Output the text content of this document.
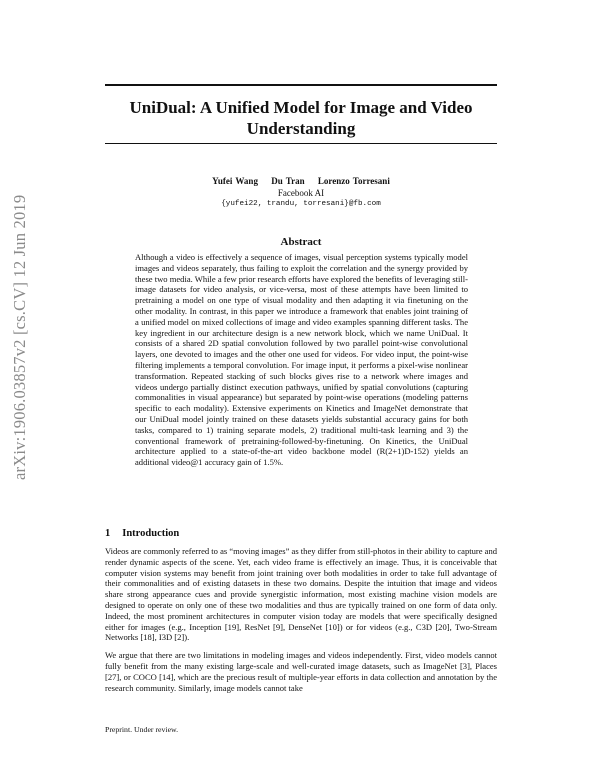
arXiv:1906.03857v2 [cs.CV] 12 Jun 2019
UniDual: A Unified Model for Image and Video
Understanding
Yufei Wang Du Tran Lorenzo Torresani
Facebook AI
{yufei22, trandu, torresani}@fb.com
Abstract
Although a video is effectively a sequence of images, visual perception systems typically model images and videos separately, thus failing to exploit the correlation and the synergy provided by these two media. While a few prior research efforts have explored the benefits of leveraging still-image datasets for video analysis, or vice-versa, most of these attempts have been limited to pretraining a model on one type of visual modality and then adapting it via finetuning on the other modality. In contrast, in this paper we introduce a framework that enables joint training of a unified model on mixed collections of image and video examples spanning different tasks. The key ingredient in our architecture design is a new network block, which we name UniDual. It consists of a shared 2D spatial convolution followed by two parallel point-wise convolutional layers, one devoted to images and the other one used for videos. For video input, the point-wise filtering implements a temporal convolution. For image input, it performs a pixel-wise nonlinear transformation. Repeated stacking of such blocks gives rise to a network where images and videos undergo partially distinct execution pathways, unified by spatial convolutions (capturing commonalities in visual appearance) but separated by point-wise operations (modeling patterns specific to each modality). Extensive experiments on Kinetics and ImageNet demonstrate that our UniDual model jointly trained on these datasets yields substantial accuracy gains for both tasks, compared to 1) training separate models, 2) traditional multi-task learning and 3) the conventional framework of pretraining-followed-by-finetuning. On Kinetics, the UniDual architecture applied to a state-of-the-art video backbone model (R(2+1)D-152) yields an additional video@1 accuracy gain of 1.5%.
1 Introduction

Videos are commonly referred to as “moving images” as they differ from still-photos in their ability to capture and render dynamic aspects of the scene. Yet, each video frame is effectively an image. Thus, it is conceivable that computer vision systems may benefit from joint training over both modalities in order to take full advantage of their commonalities and of existing datasets in these two domains. Despite the intuition that image and videos share strong appearance cues and provide synergistic information, most existing machine vision models are designed to operate on only one of these two modalities and thus are typically trained on one form of data only. Indeed, the most prominent architectures in computer vision today are models that were specifically designed either for images (e.g., Inception [19], ResNet [9], DenseNet [10]) or for videos (e.g., C3D [20], Two-Stream Networks [18], I3D [2]).

We argue that there are two limitations in modeling images and videos independently. First, video models cannot fully benefit from the many existing large-scale and well-curated image datasets, such as ImageNet [3], Places [27], or COCO [14], which are the precious result of multiple-year efforts in data collection and annotation by the research community. Similarly, image models cannot take

Preprint. Under review.
